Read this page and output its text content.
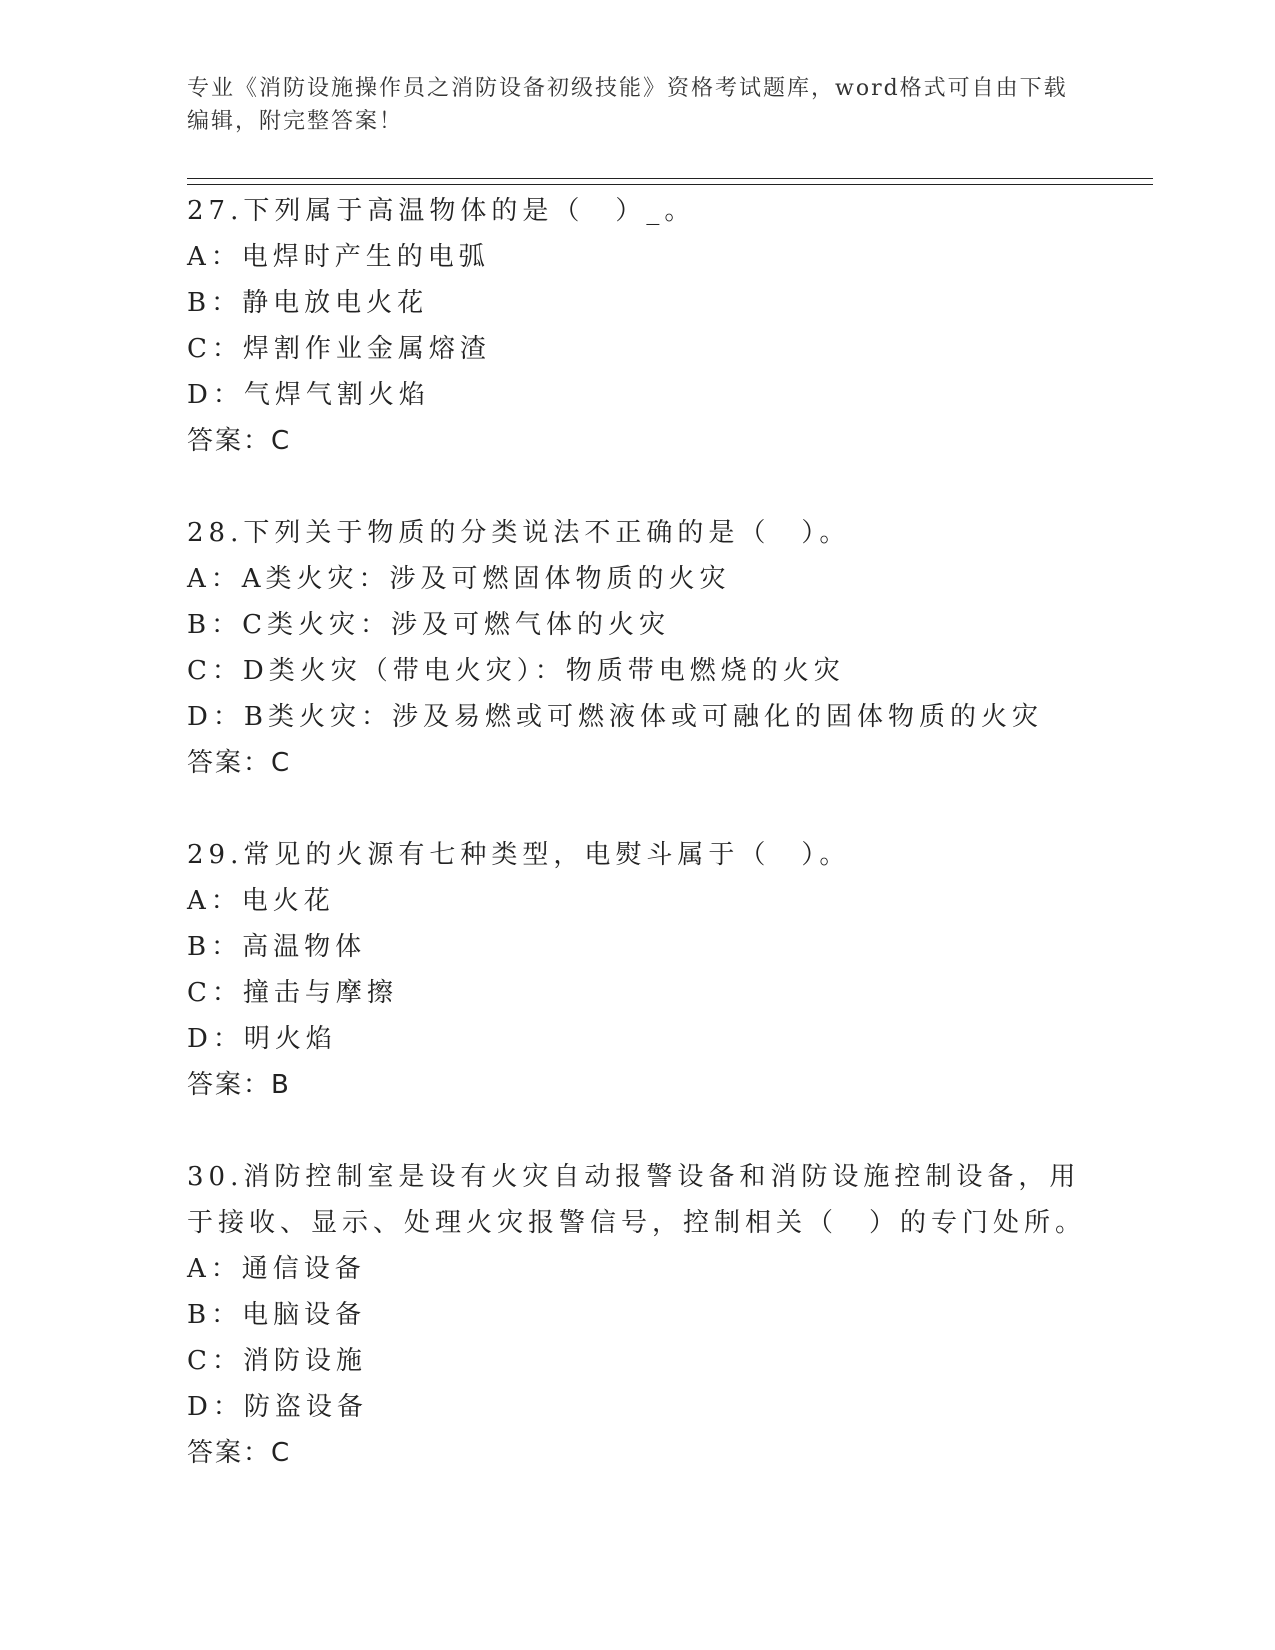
专业《消防设施操作员之消防设备初级技能》资格考试题库，word格式可自由下载编辑，附完整答案！
27.下列属于高温物体的是（　）_。
A：电焊时产生的电弧
B：静电放电火花
C：焊割作业金属熔渣
D：气焊气割火焰
答案：C
28.下列关于物质的分类说法不正确的是（　）。
A：A类火灾：涉及可燃固体物质的火灾
B：C类火灾：涉及可燃气体的火灾
C：D类火灾（带电火灾）：物质带电燃烧的火灾
D：B类火灾：涉及易燃或可燃液体或可融化的固体物质的火灾
答案：C
29.常见的火源有七种类型，电熨斗属于（　）。
A：电火花
B：高温物体
C：撞击与摩擦
D：明火焰
答案：B
30.消防控制室是设有火灾自动报警设备和消防设施控制设备，用于接收、显示、处理火灾报警信号，控制相关（　）的专门处所。
A：通信设备
B：电脑设备
C：消防设施
D：防盗设备
答案：C
